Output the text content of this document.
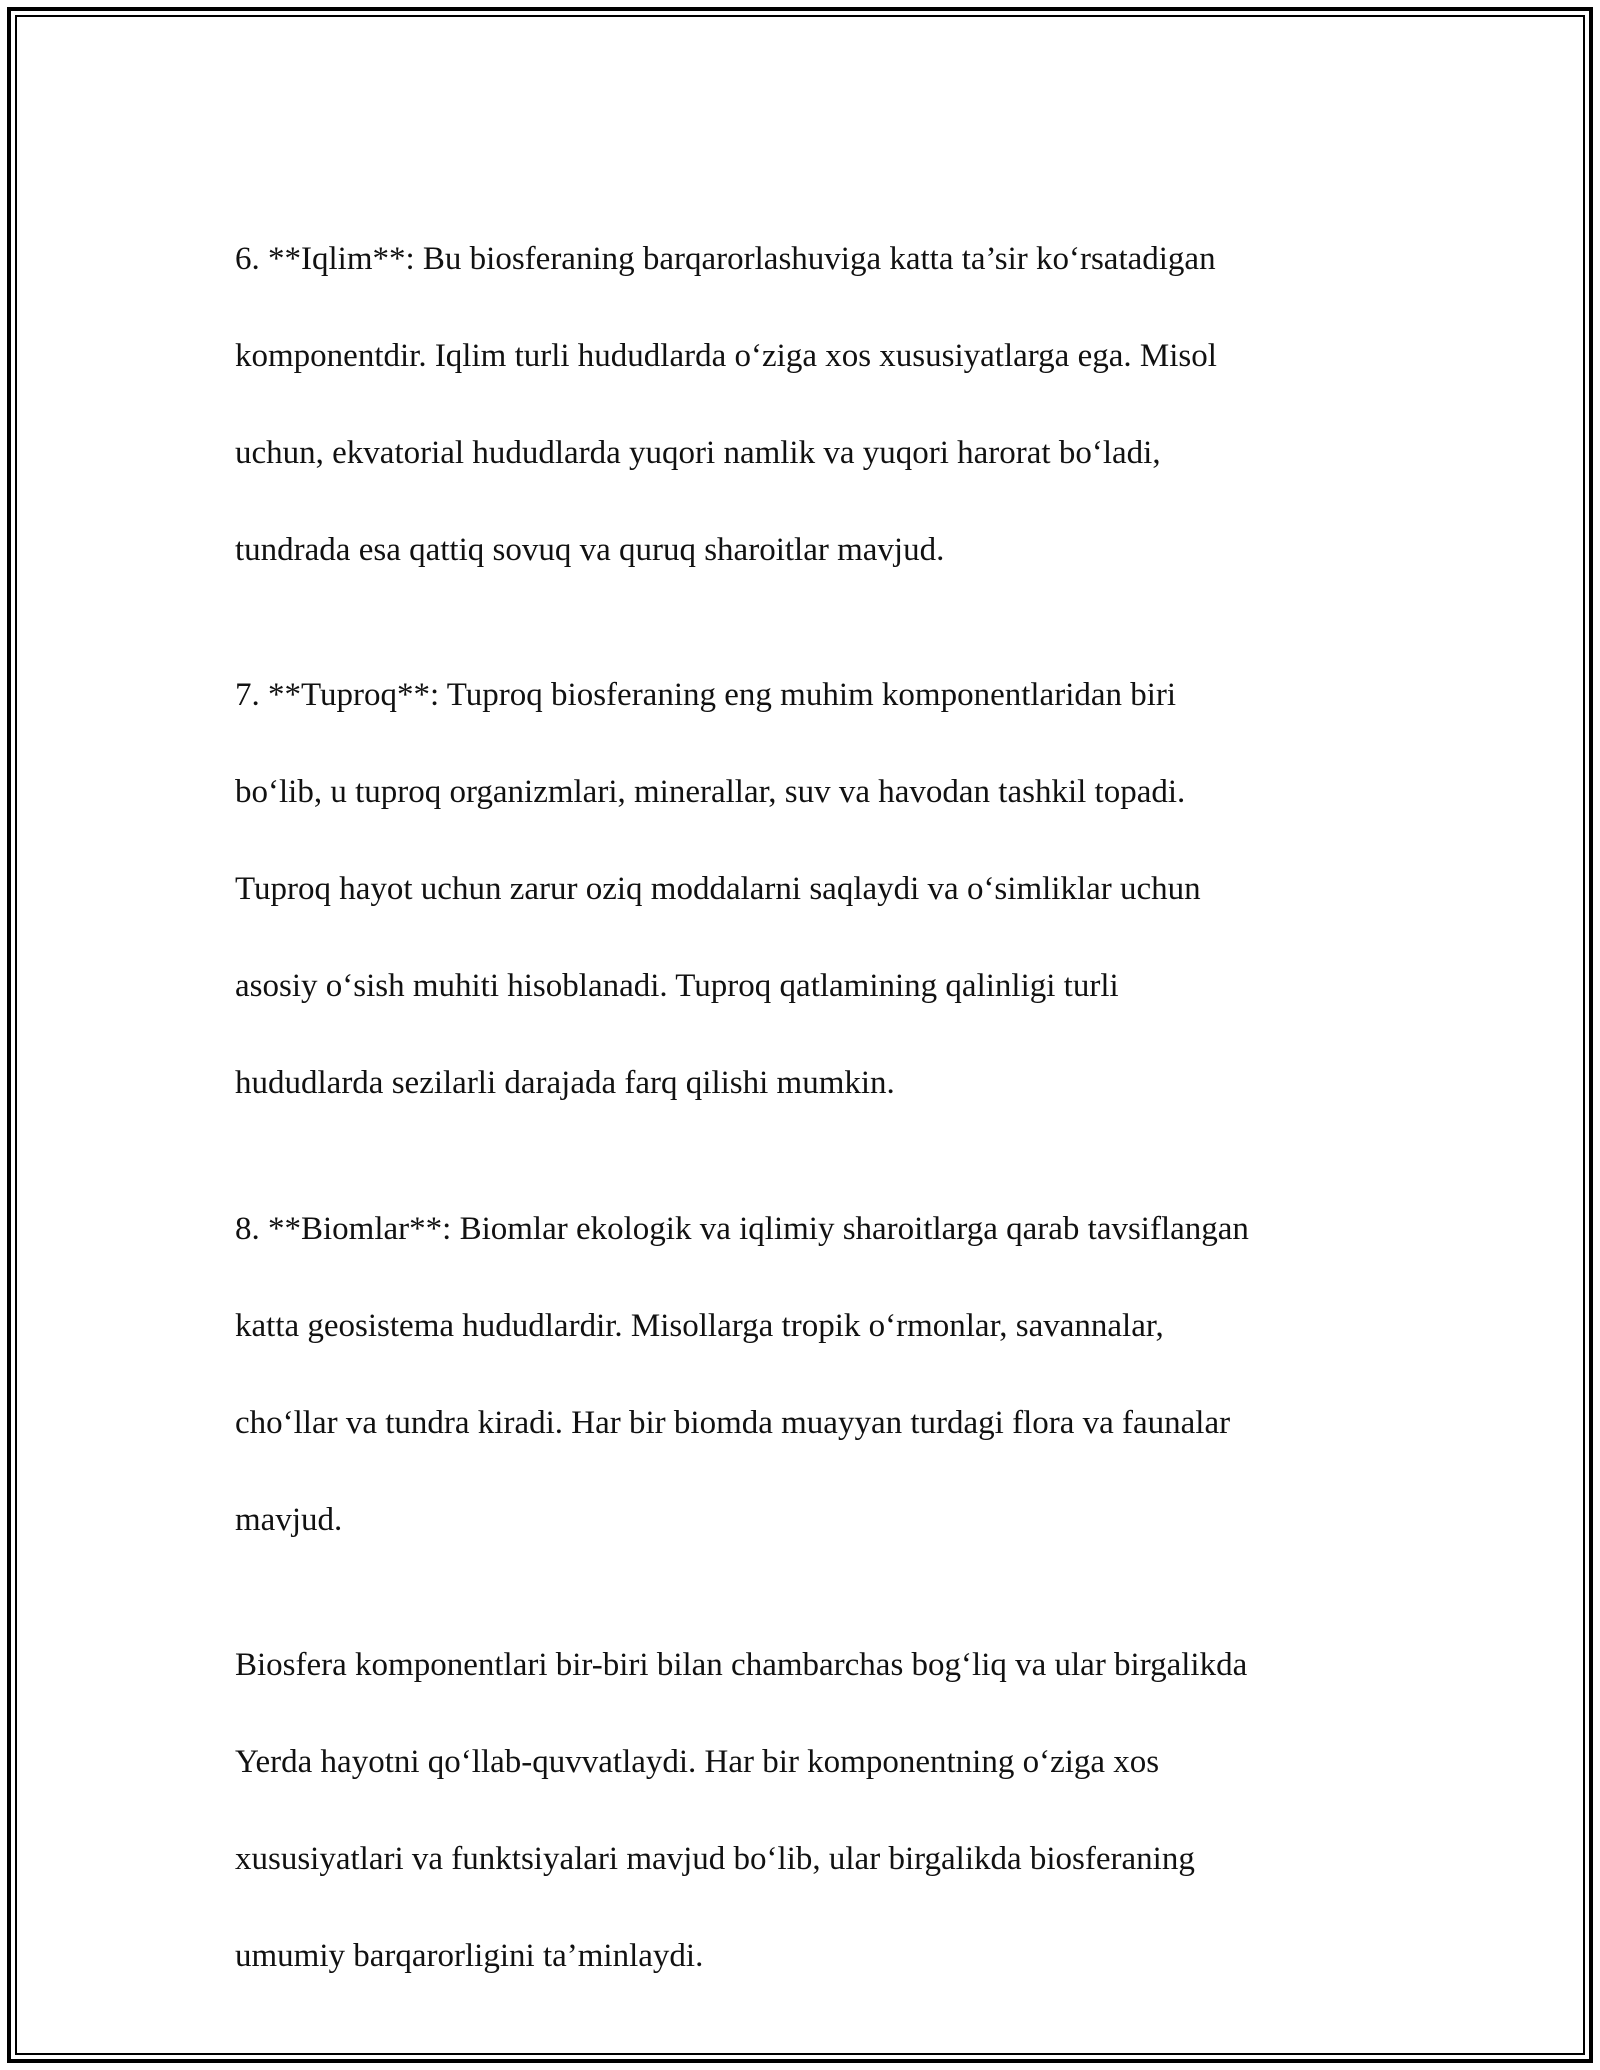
6. **Iqlim**: Bu biosferaning barqarorlashuviga katta ta’sir ko‘rsatadigan

komponentdir. Iqlim turli hududlarda o‘ziga xos xususiyatlarga ega. Misol

uchun, ekvatorial hududlarda yuqori namlik va yuqori harorat bo‘ladi,

tundrada esa qattiq sovuq va quruq sharoitlar mavjud.

7. **Tuproq**: Tuproq biosferaning eng muhim komponentlaridan biri

bo‘lib, u tuproq organizmlari, minerallar, suv va havodan tashkil topadi.

Tuproq hayot uchun zarur oziq moddalarni saqlaydi va o‘simliklar uchun

asosiy o‘sish muhiti hisoblanadi. Tuproq qatlamining qalinligi turli

hududlarda sezilarli darajada farq qilishi mumkin.

8. **Biomlar**: Biomlar ekologik va iqlimiy sharoitlarga qarab tavsiflangan

katta geosistema hududlardir. Misollarga tropik o‘rmonlar, savannalar,

cho‘llar va tundra kiradi. Har bir biomda muayyan turdagi flora va faunalar

mavjud.

Biosfera komponentlari bir-biri bilan chambarchas bog‘liq va ular birgalikda

Yerda hayotni qo‘llab-quvvatlaydi. Har bir komponentning o‘ziga xos

xususiyatlari va funktsiyalari mavjud bo‘lib, ular birgalikda biosferaning

umumiy barqarorligini ta’minlaydi.
